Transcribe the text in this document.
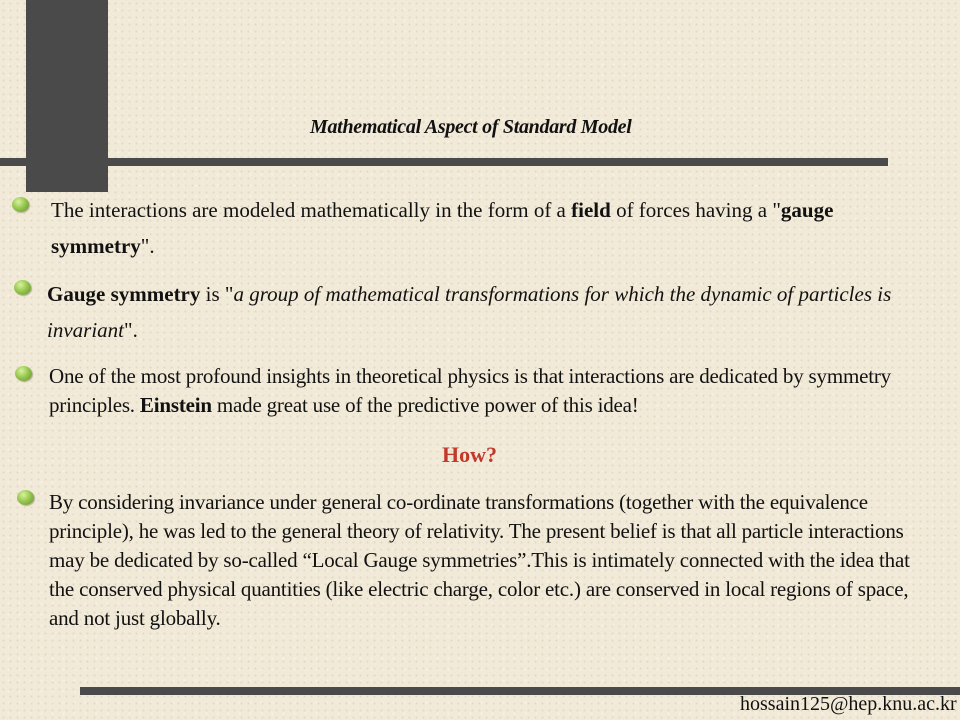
Mathematical Aspect of Standard Model

The interactions are modeled mathematically in the form of a field of forces having a "gauge symmetry".

Gauge symmetry is "a group of mathematical transformations for which the dynamic of particles is invariant".

One of the most profound insights in theoretical physics is that interactions are dedicated by symmetry principles. Einstein made great use of the predictive power of this idea!

How?

By considering invariance under general co-ordinate transformations (together with the equivalence principle), he was led to the general theory of relativity. The present belief is that all particle interactions may be dedicated by so-called “Local Gauge symmetries”.This is intimately connected with the idea that the conserved physical quantities (like electric charge, color etc.) are conserved in local regions of space, and not just globally.

hossain125@hep.knu.ac.kr
